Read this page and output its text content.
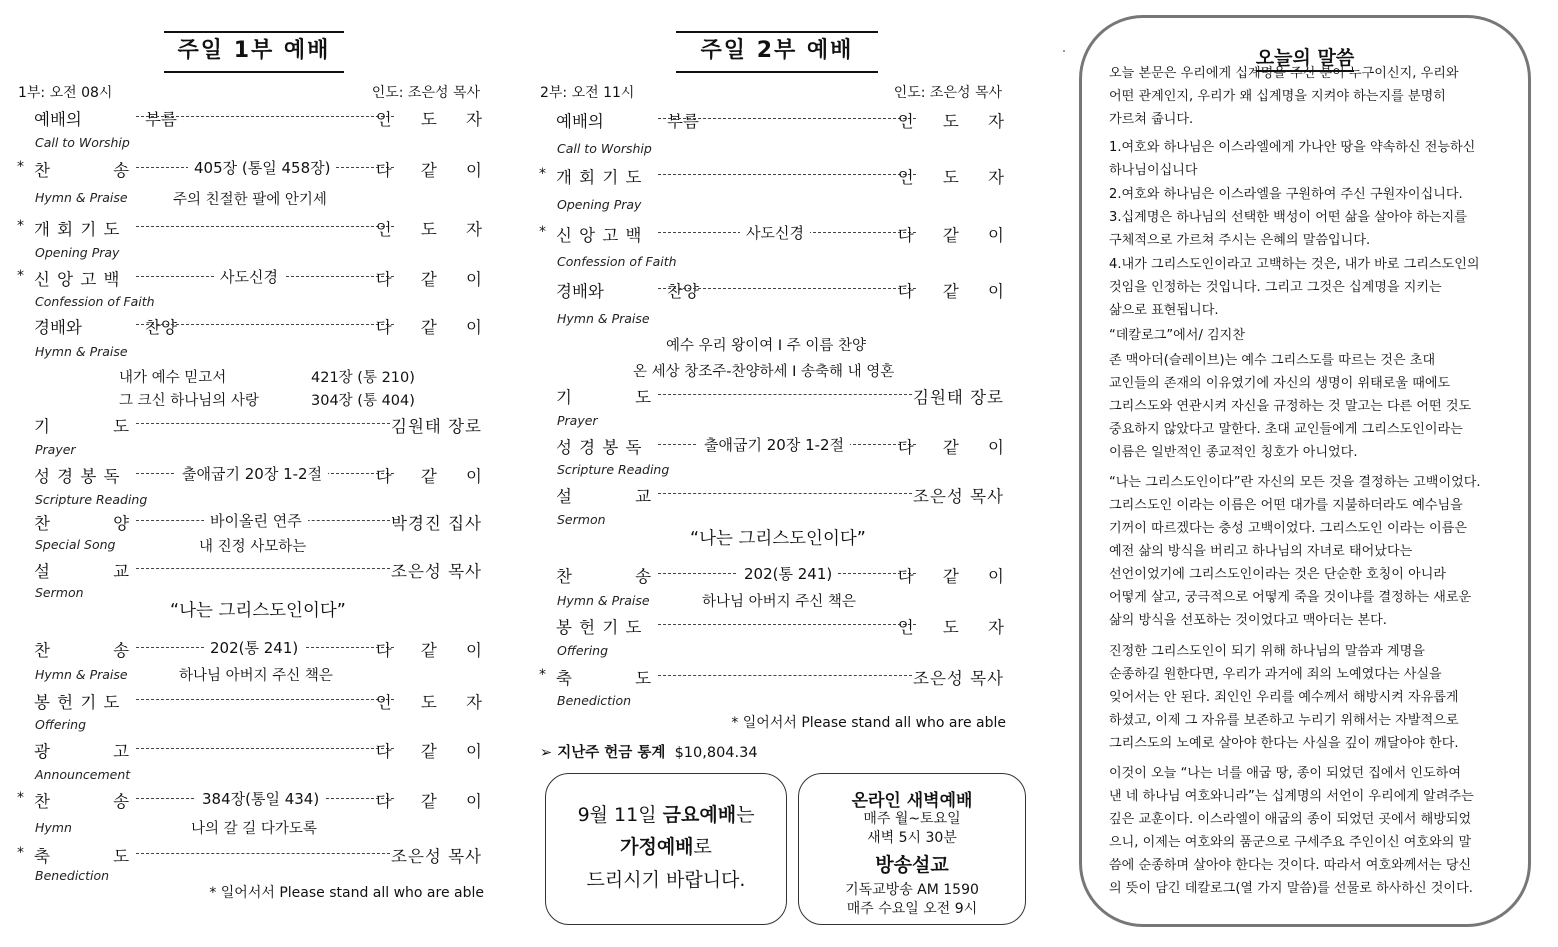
주일 1부 예배
1부: 오전 08시	인도: 조은성 목사
예배의 부름	인 도 자
Call to Worship
* 찬 송	405장 (통일 458장)	다 같 이
Hymn & Praise
* 개 회 기 도	인 도 자
Opening Pray
* 신 앙 고 백	사도신경	다 같 이
Confession of Faith
경배와 찬양	다 같 이
Hymn & Praise
기 도	김원태 장로
Prayer
성 경 봉 독	출애굽기 20장 1-2절	다 같 이
Scripture Reading
찬 양	바이올린 연주	박경진 집사
Special Song
설 교	조은성 목사
Sermon
찬 송	202(통 241)	다 같 이
Hymn & Praise
봉 헌 기 도	인 도 자
Offering
광 고	다 같 이
Announcement
* 찬 송	384장(통일 434)	다 같 이
Hymn
* 축 도	조은성 목사
Benediction
주의 친절한 팔에 안기세
내가 예수 믿고서	421장 (통 210)
그 크신 하나님의 사랑	304장 (통 404)
내 진정 사모하는
“나는 그리스도인이다”
하나님 아버지 주신 책은
나의 갈 길 다가도록
* 일어서서 Please stand all who are able
주일 2부 예배
2부: 오전 11시	인도: 조은성 목사
예배의 부름	인 도 자
Call to Worship
* 개 회 기 도	인 도 자
Opening Pray
* 신 앙 고 백	사도신경	다 같 이
Confession of Faith
경배와 찬양	다 같 이
Hymn & Praise
기 도	김원태 장로
Prayer
성 경 봉 독	출애굽기 20장 1-2절	다 같 이
Scripture Reading
설 교	조은성 목사
Sermon
찬 송	202(통 241)	다 같 이
Hymn & Praise
봉 헌 기 도	인 도 자
Offering
* 축 도	조은성 목사
Benediction
예수 우리 왕이여 I 주 이름 찬양
온 세상 창조주-찬양하세 I 송축해 내 영혼
“나는 그리스도인이다”
하나님 아버지 주신 책은
* 일어서서 Please stand all who are able
➢ 지난주 헌금 통계 $10,804.34
9월 11일 금요예배는
가정예배로
드리시기 바랍니다.
온라인 새벽예배
매주 월~토요일
새벽 5시 30분
방송설교
기독교방송 AM 1590
매주 수요일 오전 9시
오늘의 말씀
오늘 본문은 우리에게 십계명을 주신 분이 누구이신지, 우리와
어떤 관계인지, 우리가 왜 십계명을 지켜야 하는지를 분명히
가르쳐 줍니다.
1.여호와 하나님은 이스라엘에게 가나안 땅을 약속하신 전능하신
하나님이십니다
2.여호와 하나님은 이스라엘을 구원하여 주신 구원자이십니다.
3.십계명은 하나님의 선택한 백성이 어떤 삶을 살아야 하는지를
구체적으로 가르쳐 주시는 은혜의 말씀입니다.
4.내가 그리스도인이라고 고백하는 것은, 내가 바로 그리스도인의
것임을 인정하는 것입니다. 그리고 그것은 십계명을 지키는
삶으로 표현됩니다.
“데칼로그”에서/ 김지찬
존 맥아더(슬레이브)는 예수 그리스도를 따르는 것은 초대
교인들의 존재의 이유였기에 자신의 생명이 위태로울 때에도
그리스도와 연관시켜 자신을 규정하는 것 말고는 다른 어떤 것도
중요하지 않았다고 말한다. 초대 교인들에게 그리스도인이라는
이름은 일반적인 종교적인 칭호가 아니었다.
“나는 그리스도인이다”란 자신의 모든 것을 결정하는 고백이었다.
그리스도인 이라는 이름은 어떤 대가를 지불하더라도 예수님을
기꺼이 따르겠다는 충성 고백이었다. 그리스도인 이라는 이름은
예전 삶의 방식을 버리고 하나님의 자녀로 태어났다는
선언이었기에 그리스도인이라는 것은 단순한 호칭이 아니라
어떻게 살고, 궁극적으로 어떻게 죽을 것이냐를 결정하는 새로운
삶의 방식을 선포하는 것이었다고 맥아더는 본다.
진정한 그리스도인이 되기 위해 하나님의 말씀과 계명을
순종하길 원한다면, 우리가 과거에 죄의 노예였다는 사실을
잊어서는 안 된다. 죄인인 우리를 예수께서 해방시켜 자유롭게
하셨고, 이제 그 자유를 보존하고 누리기 위해서는 자발적으로
그리스도의 노예로 살아야 한다는 사실을 깊이 깨달아야 한다.
이것이 오늘 “나는 너를 애굽 땅, 종이 되었던 집에서 인도하여
낸 네 하나님 여호와니라”는 십계명의 서언이 우리에게 알려주는
깊은 교훈이다. 이스라엘이 애굽의 종이 되었던 곳에서 해방되었
으니, 이제는 여호와의 품군으로 구세주요 주인이신 여호와의 말
씀에 순종하며 살아야 한다는 것이다. 따라서 여호와께서는 당신
의 뜻이 담긴 데칼로그(열 가지 말씀)를 선물로 하사하신 것이다.
